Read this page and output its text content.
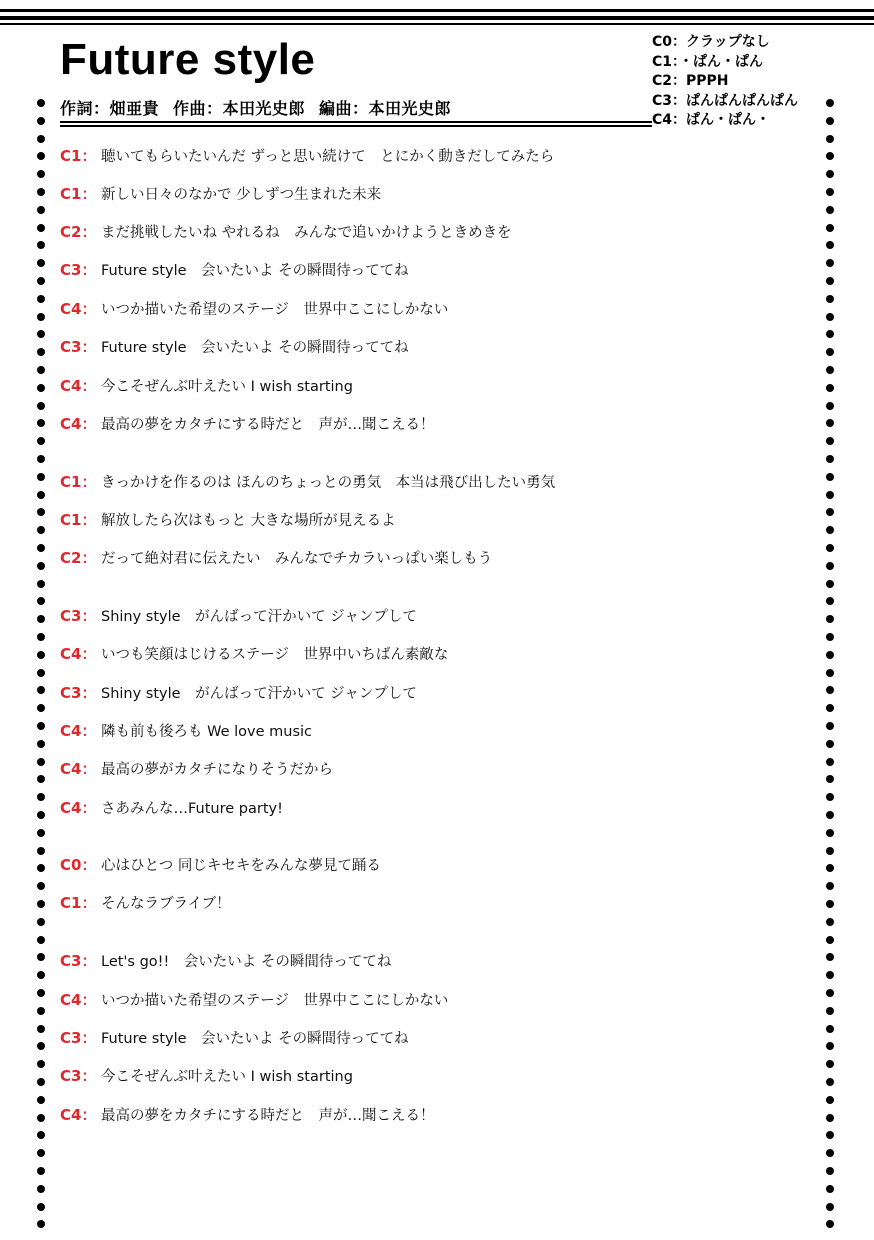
Future style
作詞：畑亜貴 作曲：本田光史郎 編曲：本田光史郎
C0：クラップなし
C1：・ぱん・ぱん
C2：PPPH
C3：ぱんぱんぱんぱん
C4：ぱん・ぱん・
C1： 聴いてもらいたいんだ ずっと思い続けて　とにかく動きだしてみたら
C1： 新しい日々のなかで 少しずつ生まれた未来
C2： まだ挑戦したいね やれるね　みんなで追いかけようときめきを
C3： Future style　会いたいよ その瞬間待っててね
C4： いつか描いた希望のステージ　世界中ここにしかない
C3： Future style　会いたいよ その瞬間待っててね
C4： 今こそぜんぶ叶えたい I wish starting
C4： 最高の夢をカタチにする時だと　声が…聞こえる！
C1： きっかけを作るのは ほんのちょっとの勇気　本当は飛び出したい勇気
C1： 解放したら次はもっと 大きな場所が見えるよ
C2： だって絶対君に伝えたい　みんなでチカラいっぱい楽しもう
C3： Shiny style　がんばって汗かいて ジャンプして
C4： いつも笑顔はじけるステージ　世界中いちばん素敵な
C3： Shiny style　がんばって汗かいて ジャンプして
C4： 隣も前も後ろも We love music
C4： 最高の夢がカタチになりそうだから
C4： さあみんな…Future party!
C0： 心はひとつ 同じキセキをみんな夢見て踊る
C1： そんなラブライブ！
C3： Let's go!!　会いたいよ その瞬間待っててね
C4： いつか描いた希望のステージ　世界中ここにしかない
C3： Future style　会いたいよ その瞬間待っててね
C3： 今こそぜんぶ叶えたい I wish starting
C4： 最高の夢をカタチにする時だと　声が…聞こえる！
